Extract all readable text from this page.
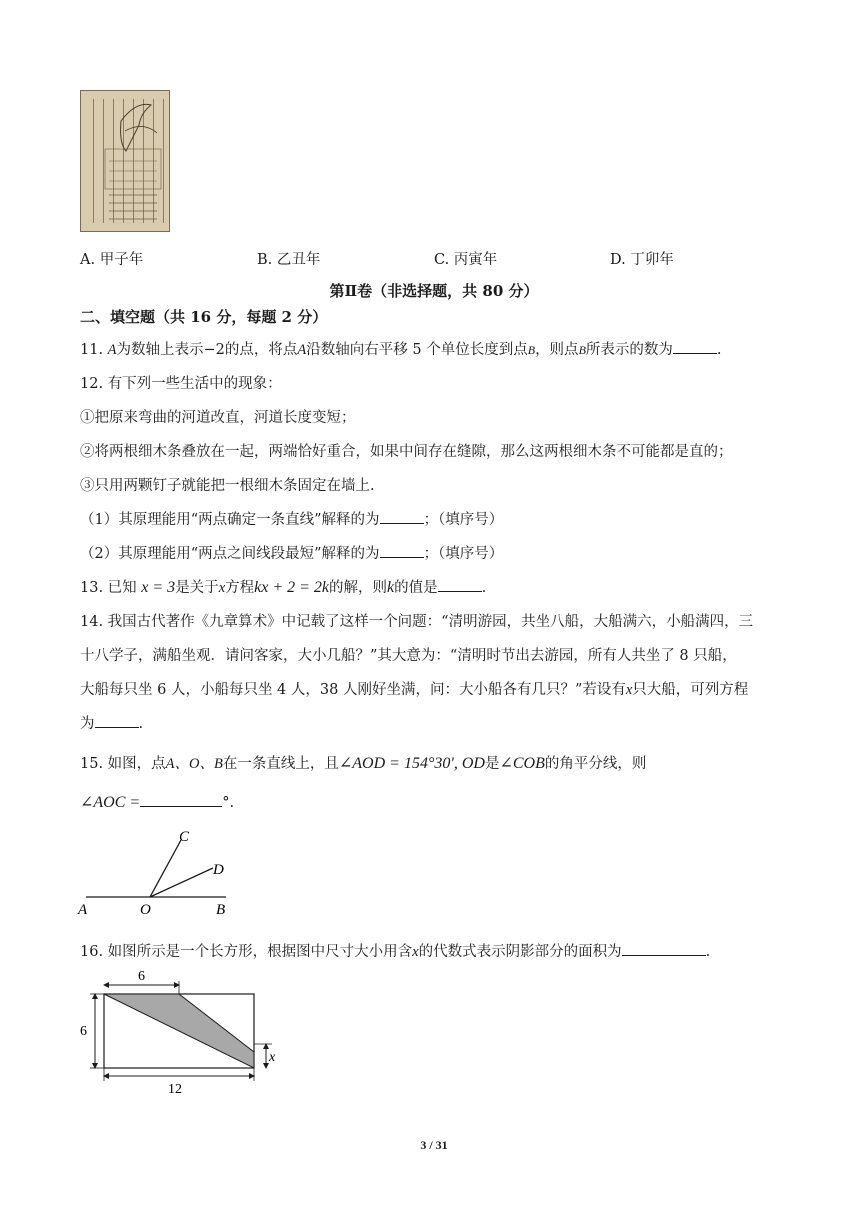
A. 甲子年	B. 乙丑年	C. 丙寅年	D. 丁卯年
第Ⅱ卷（非选择题，共 80 分）
二、填空题（共 16 分，每题 2 分）
11. A为数轴上表示−2的点，将点A沿数轴向右平移 5 个单位长度到点B，则点B所表示的数为	.
12. 有下列一些生活中的现象：
①把原来弯曲的河道改直，河道长度变短；
②将两根细木条叠放在一起，两端恰好重合，如果中间存在缝隙，那么这两根细木条不可能都是直的；
③只用两颗钉子就能把一根细木条固定在墙上.
（1）其原理能用“两点确定一条直线”解释的为	；（填序号）
（2）其原理能用“两点之间线段最短”解释的为	；（填序号）
13. 已知 x = 3是关于x方程kx + 2 = 2k的解，则k的值是	.
14. 我国古代著作《九章算术》中记载了这样一个问题：“清明游园，共坐八船，大船满六，小船满四，三
十八学子，满船坐观．请问客家，大小几船？”其大意为：“清明时节出去游园，所有人共坐了 8 只船，
大船每只坐 6 人，小船每只坐 4 人，38 人刚好坐满，问：大小船各有几只？”若设有x只大船，可列方程
为	.
15. 如图，点A、O、B在一条直线上，且∠AOD = 154°30′, OD是∠COB的角平分线，则
∠AOC =	°.
A	O	B
C
D
16. 如图所示是一个长方形，根据图中尺寸大小用含x的代数式表示阴影部分的面积为	.
6
6
12
x
3 / 31
